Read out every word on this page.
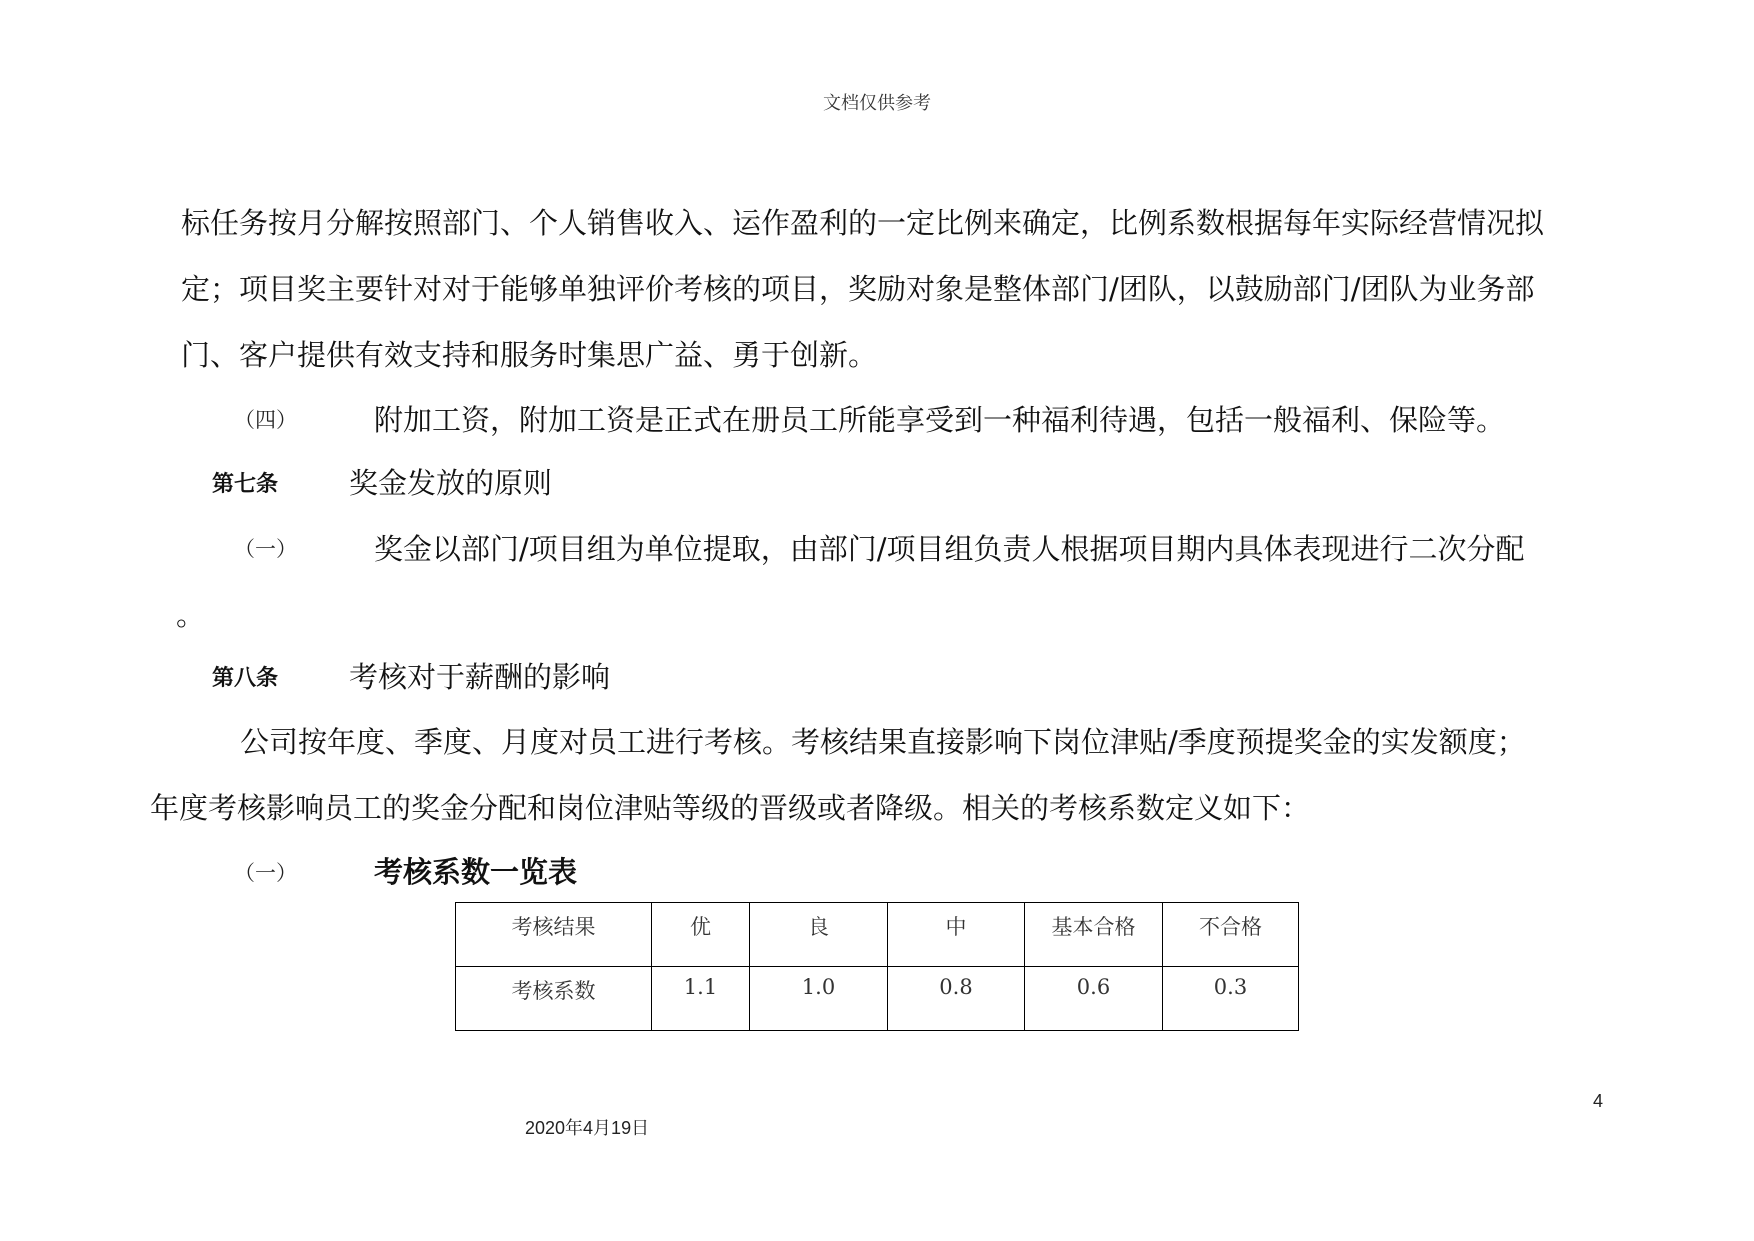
文档仅供参考
标任务按月分解按照部门、个人销售收入、运作盈利的一定比例来确定，比例系数根据每年实际经营情况拟
定；项目奖主要针对对于能够单独评价考核的项目，奖励对象是整体部门/团队，以鼓励部门/团队为业务部
门、客户提供有效支持和服务时集思广益、勇于创新。
（四）	附加工资，附加工资是正式在册员工所能享受到一种福利待遇，包括一般福利、保险等。
第七条 奖金发放的原则
（一）	奖金以部门/项目组为单位提取，由部门/项目组负责人根据项目期内具体表现进行二次分配
。
第八条 考核对于薪酬的影响
公司按年度、季度、月度对员工进行考核。考核结果直接影响下岗位津贴/季度预提奖金的实发额度；
年度考核影响员工的奖金分配和岗位津贴等级的晋级或者降级。相关的考核系数定义如下：
（一）	考核系数一览表
考核结果	优	良	中	基本合格	不合格
考核系数	1.1	1.0	0.8	0.6	0.3
4
2020年4月19日
